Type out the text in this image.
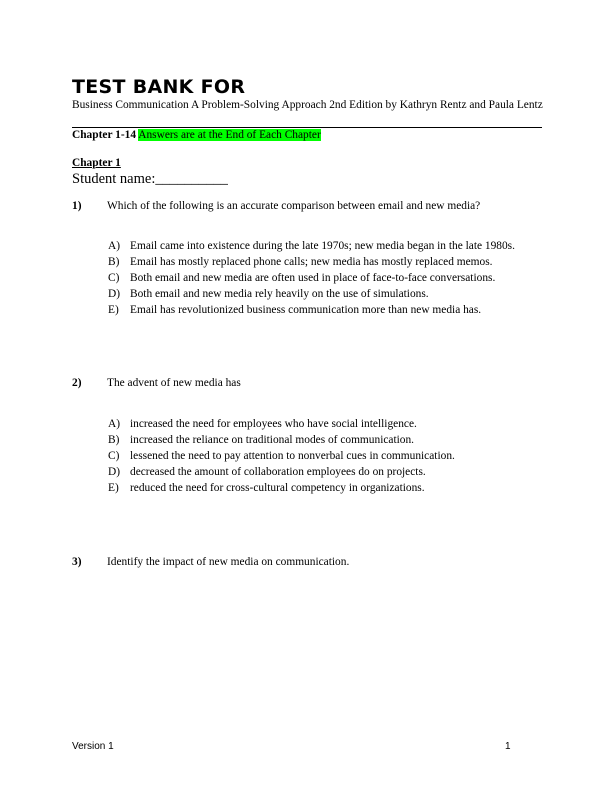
TEST BANK FOR
Business Communication A Problem-Solving Approach 2nd Edition by Kathryn Rentz and Paula Lentz
Chapter 1-14 Answers are at the End of Each Chapter
Chapter 1
Student name:__________
1) Which of the following is an accurate comparison between email and new media?
A) Email came into existence during the late 1970s; new media began in the late 1980s.
B) Email has mostly replaced phone calls; new media has mostly replaced memos.
C) Both email and new media are often used in place of face-to-face conversations.
D) Both email and new media rely heavily on the use of simulations.
E) Email has revolutionized business communication more than new media has.
2) The advent of new media has
A) increased the need for employees who have social intelligence.
B) increased the reliance on traditional modes of communication.
C) lessened the need to pay attention to nonverbal cues in communication.
D) decreased the amount of collaboration employees do on projects.
E) reduced the need for cross-cultural competency in organizations.
3) Identify the impact of new media on communication.
Version 1	1
